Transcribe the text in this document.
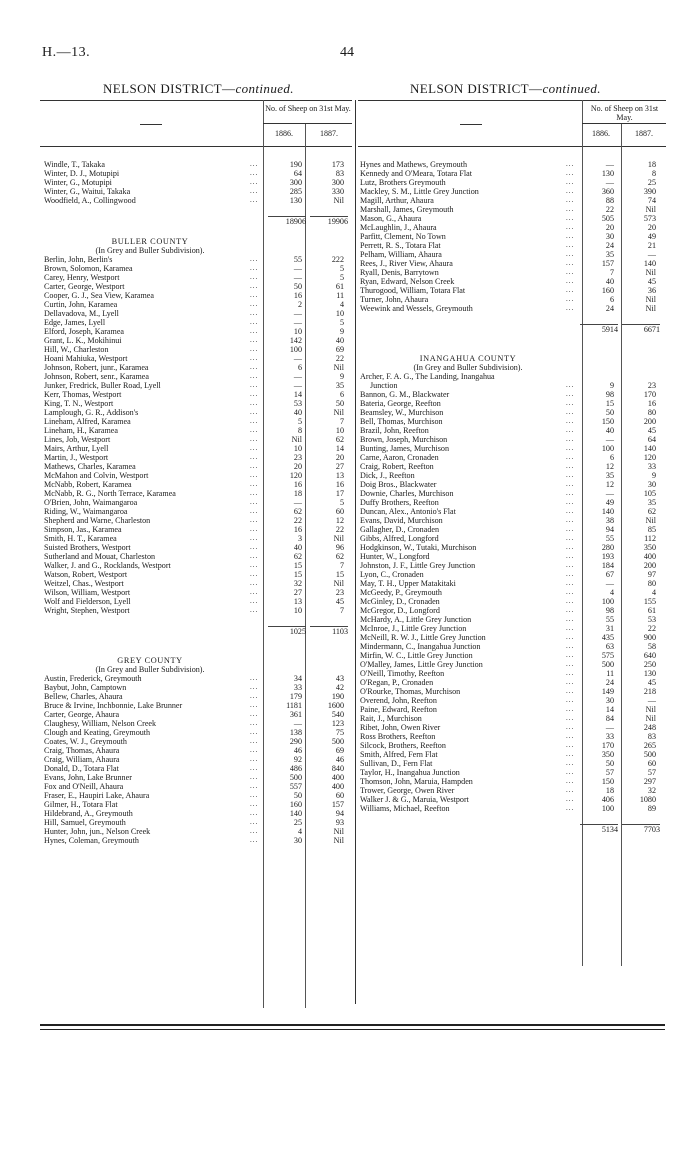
H.—13.	44
NELSON DISTRICT—continued.	NELSON DISTRICT—continued.
No. of Sheep on 31st May.
1886.	1887.
No. of Sheep on 31st May.
1886.	1887.
Windle, T., Takaka	...	190	173
Winter, D. J., Motupipi	...	64	83
Winter, G., Motupipi	...	300	300
Winter, G., Waitui, Takaka	...	285	330
Woodfield, A., Collingwood	...	130	Nil
18906	19906
BULLER COUNTY
(In Grey and Buller Subdivision).
Berlin, John, Berlin's	...	55	222
Brown, Solomon, Karamea	...	—	5
Carey, Henry, Westport	...	—	5
Carter, George, Westport	...	50	61
Cooper, G. J., Sea View, Karamea	...	16	11
Curtin, John, Karamea	...	2	4
Dellavadova, M., Lyell	...	—	10
Edge, James, Lyell	...	—	5
Elford, Joseph, Karamea	...	10	9
Grant, L. K., Mokihinui	...	142	40
Hill, W., Charleston	...	100	69
Hoani Mahiuka, Westport	...	—	22
Johnson, Robert, junr., Karamea	...	6	Nil
Johnson, Robert, senr., Karamea	...	—	9
Junker, Fredrick, Buller Road, Lyell	...	—	35
Kerr, Thomas, Westport	...	14	6
King, T. N., Westport	...	53	50
Lamplough, G. R., Addison's	...	40	Nil
Lineham, Alfred, Karamea	...	5	7
Lineham, H., Karamea	...	8	10
Lines, Job, Westport	...	Nil	62
Mairs, Arthur, Lyell	...	10	14
Martin, J., Westport	...	23	20
Mathews, Charles, Karamea	...	20	27
McMahon and Colvin, Westport	...	120	13
McNabb, Robert, Karamea	...	16	16
McNabb, R. G., North Terrace, Karamea	...	18	17
O'Brien, John, Waimangaroa	...	—	5
Riding, W., Waimangaroa	...	62	60
Shepherd and Warne, Charleston	...	22	12
Simpson, Jas., Karamea	...	16	22
Smith, H. T., Karamea	...	3	Nil
Suisted Brothers, Westport	...	40	96
Sutherland and Mouat, Charleston	...	62	62
Walker, J. and G., Rocklands, Westport	...	15	7
Watson, Robert, Westport	...	15	15
Weitzel, Chas., Westport	...	32	Nil
Wilson, William, Westport	...	27	23
Wolf and Fielderson, Lyell	...	13	45
Wright, Stephen, Westport	...	10	7
1025	1103
GREY COUNTY
(In Grey and Buller Subdivision).
Austin, Frederick, Greymouth	...	34	43
Baybut, John, Camptown	...	33	42
Bellew, Charles, Ahaura	...	179	190
Bruce & Irvine, Inchbonnie, Lake Brunner	...	1181	1600
Carter, George, Ahaura	...	361	540
Claughesy, William, Nelson Creek	...	—	123
Clough and Keating, Greymouth	...	138	75
Coates, W. J., Greymouth	...	290	500
Craig, Thomas, Ahaura	...	46	69
Craig, William, Ahaura	...	92	46
Donald, D., Totara Flat	...	486	840
Evans, John, Lake Brunner	...	500	400
Fox and O'Neill, Ahaura	...	557	400
Fraser, E., Haupiri Lake, Ahaura	...	50	60
Gilmer, H., Totara Flat	...	160	157
Hildebrand, A., Greymouth	...	140	94
Hill, Samuel, Greymouth	...	25	93
Hunter, John, jun., Nelson Creek	...	4	Nil
Hynes, Coleman, Greymouth	...	30	Nil
Hynes and Mathews, Greymouth	...	—	18
Kennedy and O'Meara, Totara Flat	...	130	8
Lutz, Brothers Greymouth	...	—	25
Mackley, S. M., Little Grey Junction	...	360	390
Magill, Arthur, Ahaura	...	88	74
Marshall, James, Greymouth	...	22	Nil
Mason, G., Ahaura	...	505	573
McLaughlin, J., Ahaura	...	20	20
Parfitt, Clement, No Town	...	30	49
Perrett, R. S., Totara Flat	...	24	21
Pelham, William, Ahaura	...	35	—
Rees, J., River View, Ahaura	...	157	140
Ryall, Denis, Barrytown	...	7	Nil
Ryan, Edward, Nelson Creek	...	40	45
Thurogood, William, Totara Flat	...	160	36
Turner, John, Ahaura	...	6	Nil
Weewink and Wessels, Greymouth	...	24	Nil
5914	6671
INANGAHUA COUNTY
(In Grey and Buller Subdivision).
Archer, F. A. G., The Landing, Inangahua
Junction	...	9	23
Bannon, G. M., Blackwater	...	98	170
Bateria, George, Reefton	...	15	16
Beamsley, W., Murchison	...	50	80
Bell, Thomas, Murchison	...	150	200
Brazil, John, Reefton	...	40	45
Brown, Joseph, Murchison	...	—	64
Bunting, James, Murchison	...	100	140
Carne, Aaron, Cronaden	...	6	120
Craig, Robert, Reefton	...	12	33
Dick, J., Reefton	...	35	9
Doig Bros., Blackwater	...	12	30
Downie, Charles, Murchison	...	—	105
Duffy Brothers, Reefton	...	49	35
Duncan, Alex., Antonio's Flat	...	140	62
Evans, David, Murchison	...	38	Nil
Gallagher, D., Cronaden	...	94	85
Gibbs, Alfred, Longford	...	55	112
Hodgkinson, W., Tutaki, Murchison	...	280	350
Hunter, W., Longford	...	193	400
Johnston, J. F., Little Grey Junction	...	184	200
Lyon, C., Cronaden	...	67	97
May, T. H., Upper Matakitaki	...	—	80
McGeedy, P., Greymouth	...	4	4
McGinley, D., Cronaden	...	100	155
McGregor, D., Longford	...	98	61
McHardy, A., Little Grey Junction	...	55	53
McInroe, J., Little Grey Junction	...	31	22
McNeill, R. W. J., Little Grey Junction	...	435	900
Mindermann, C., Inangahua Junction	...	63	58
Mirfin, W. C., Little Grey Junction	...	575	640
O'Malley, James, Little Grey Junction	...	500	250
O'Neill, Timothy, Reefton	...	11	130
O'Regan, P., Cronaden	...	24	45
O'Rourke, Thomas, Murchison	...	149	218
Overend, John, Reefton	...	30	—
Paine, Edward, Reefton	...	14	Nil
Rait, J., Murchison	...	84	Nil
Ribet, John, Owen River	...	—	248
Ross Brothers, Reefton	...	33	83
Silcock, Brothers, Reefton	...	170	265
Smith, Alfred, Fern Flat	...	350	500
Sullivan, D., Fern Flat	...	50	60
Taylor, H., Inangahua Junction	...	57	57
Thomson, John, Maruia, Hampden	...	150	297
Trower, George, Owen River	...	18	32
Walker J. & G., Maruia, Westport	...	406	1080
Williams, Michael, Reefton	...	100	89
5134	7703
